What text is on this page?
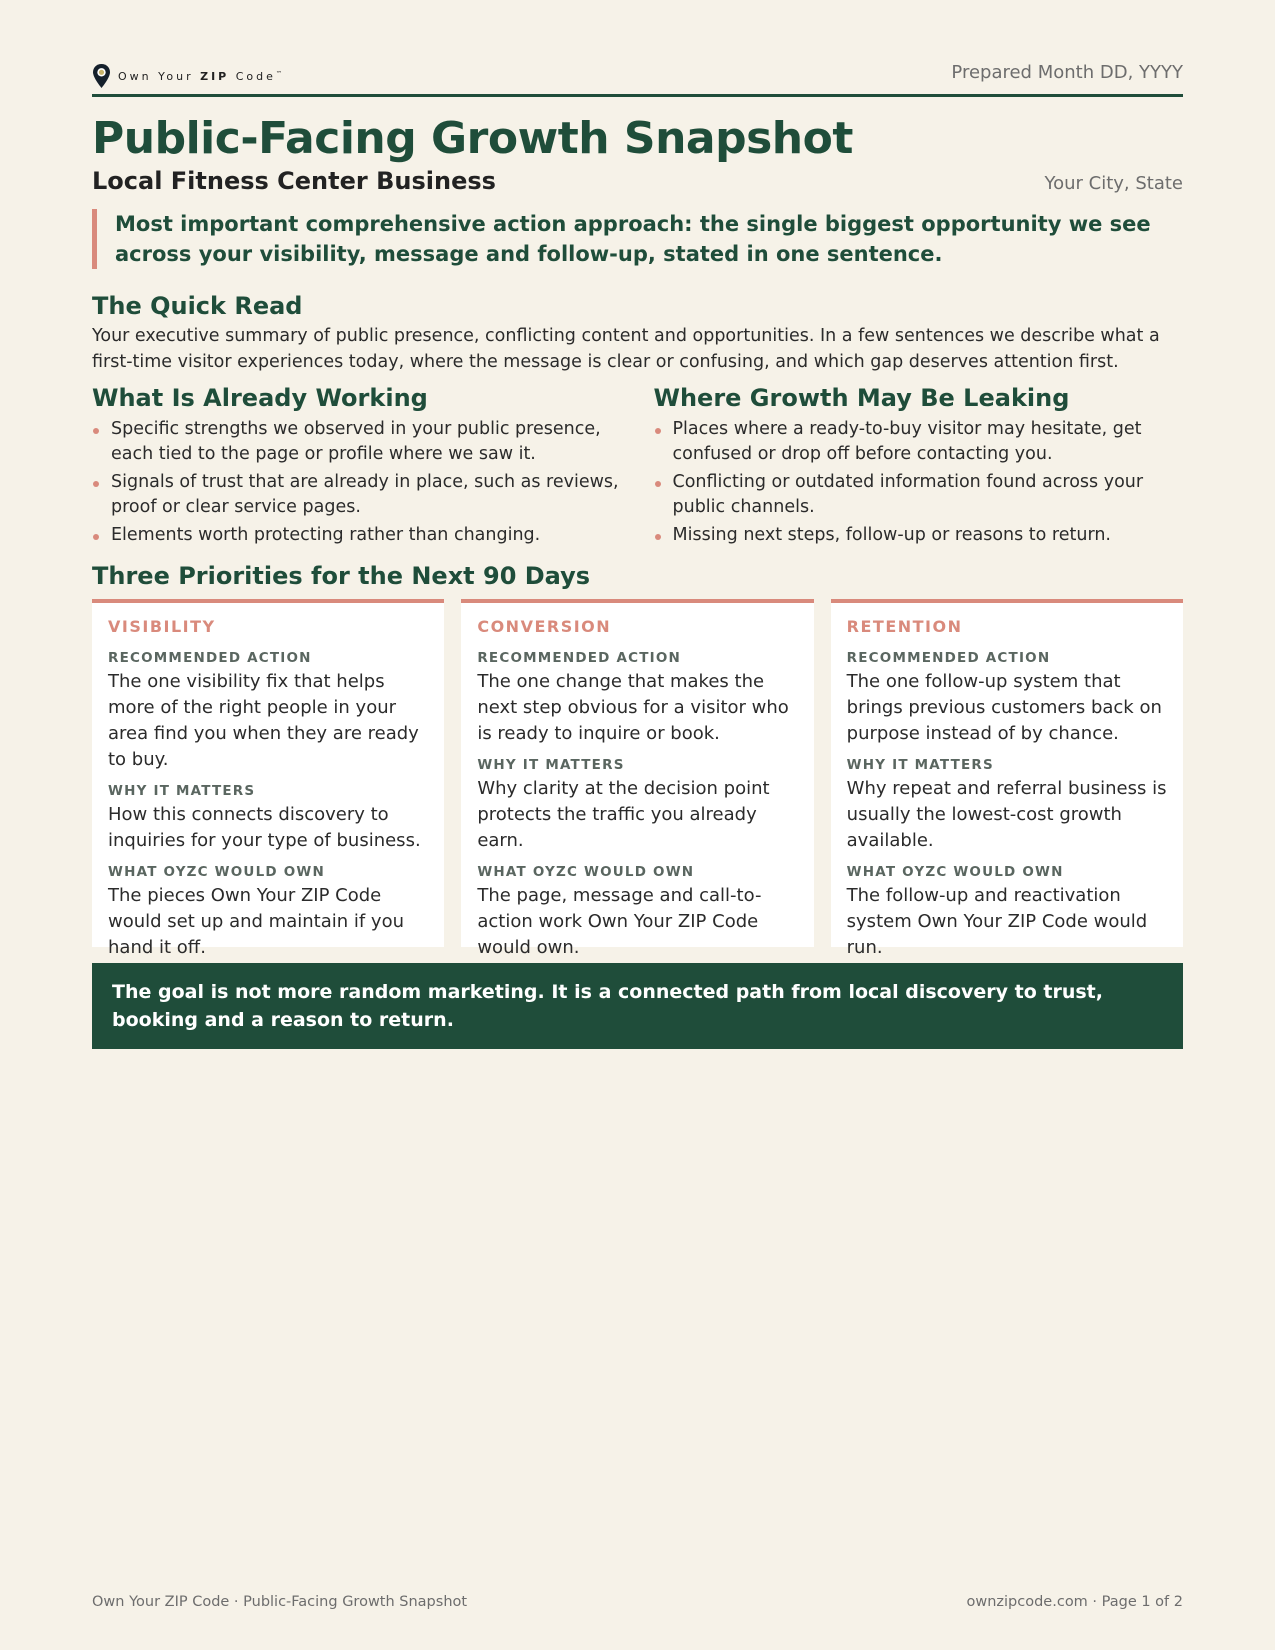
Own Your ZIP Code™	Prepared Month DD, YYYY
Public-Facing Growth Snapshot
Local Fitness Center Business	Your City, State
Most important comprehensive action approach: the single biggest opportunity we see across your visibility, message and follow-up, stated in one sentence.
The Quick Read
Your executive summary of public presence, conflicting content and opportunities. In a few sentences we describe what a first-time visitor experiences today, where the message is clear or confusing, and which gap deserves attention first.
What Is Already Working
Specific strengths we observed in your public presence, each tied to the page or profile where we saw it.
Signals of trust that are already in place, such as reviews, proof or clear service pages.
Elements worth protecting rather than changing.
Where Growth May Be Leaking
Places where a ready-to-buy visitor may hesitate, get confused or drop off before contacting you.
Conflicting or outdated information found across your public channels.
Missing next steps, follow-up or reasons to return.
Three Priorities for the Next 90 Days
VISIBILITY
RECOMMENDED ACTION
The one visibility fix that helps more of the right people in your area find you when they are ready to buy.
WHY IT MATTERS
How this connects discovery to inquiries for your type of business.
WHAT OYZC WOULD OWN
The pieces Own Your ZIP Code would set up and maintain if you hand it off.
CONVERSION
RECOMMENDED ACTION
The one change that makes the next step obvious for a visitor who is ready to inquire or book.
WHY IT MATTERS
Why clarity at the decision point protects the traffic you already earn.
WHAT OYZC WOULD OWN
The page, message and call-to-action work Own Your ZIP Code would own.
RETENTION
RECOMMENDED ACTION
The one follow-up system that brings previous customers back on purpose instead of by chance.
WHY IT MATTERS
Why repeat and referral business is usually the lowest-cost growth available.
WHAT OYZC WOULD OWN
The follow-up and reactivation system Own Your ZIP Code would run.
The goal is not more random marketing. It is a connected path from local discovery to trust, booking and a reason to return.
Own Your ZIP Code · Public-Facing Growth Snapshot	ownzipcode.com · Page 1 of 2
